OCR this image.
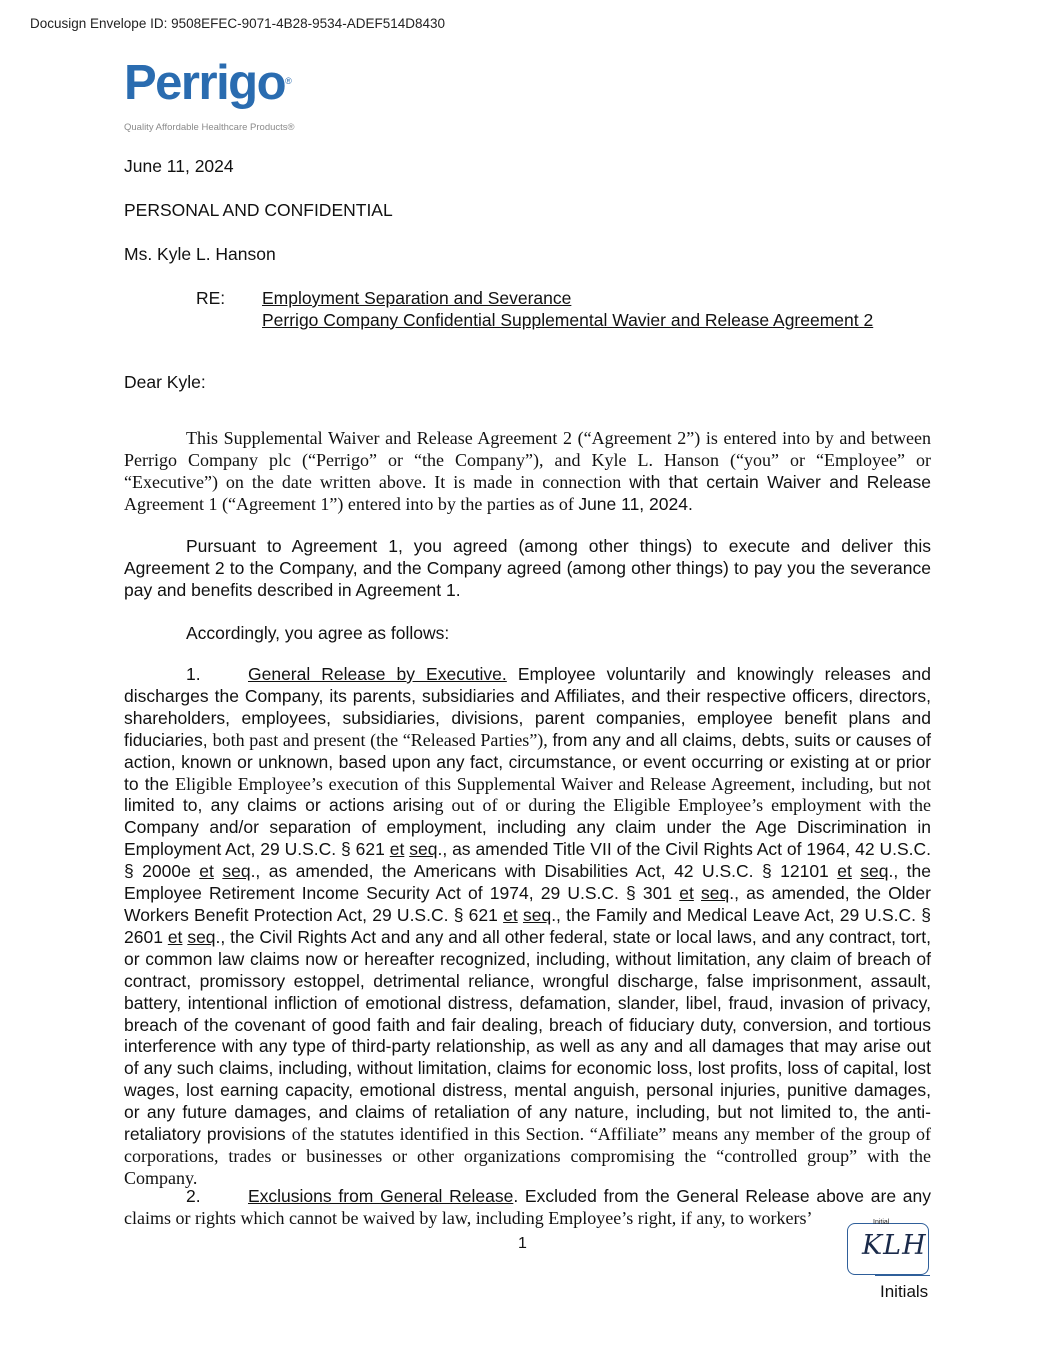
Docusign Envelope ID: 9508EFEC-9071-4B28-9534-ADEF514D8430
Perrigo®
Quality Affordable Healthcare Products®
June 11, 2024
PERSONAL AND CONFIDENTIAL
Ms. Kyle L. Hanson
RE: Employment Separation and Severance
Perrigo Company Confidential Supplemental Wavier and Release Agreement 2
Dear Kyle:
This Supplemental Waiver and Release Agreement 2 (“Agreement 2”) is entered into by and between Perrigo Company plc (“Perrigo” or “the Company”), and Kyle L. Hanson (“you” or “Employee” or “Executive”) on the date written above. It is made in connection with that certain Waiver and Release Agreement 1 (“Agreement 1”) entered into by the parties as of June 11, 2024.
Pursuant to Agreement 1, you agreed (among other things) to execute and deliver this Agreement 2 to the Company, and the Company agreed (among other things) to pay you the severance pay and benefits described in Agreement 1.
Accordingly, you agree as follows:
1.	General Release by Executive. Employee voluntarily and knowingly releases and discharges the Company, its parents, subsidiaries and Affiliates, and their respective officers, directors, shareholders, employees, subsidiaries, divisions, parent companies, employee benefit plans and fiduciaries, both past and present (the “Released Parties”), from any and all claims, debts, suits or causes of action, known or unknown, based upon any fact, circumstance, or event occurring or existing at or prior to the Eligible Employee’s execution of this Supplemental Waiver and Release Agreement, including, but not limited to, any claims or actions arising out of or during the Eligible Employee’s employment with the Company and/or separation of employment, including any claim under the Age Discrimination in Employment Act, 29 U.S.C. § 621 et seq., as amended Title VII of the Civil Rights Act of 1964, 42 U.S.C. § 2000e et seq., as amended, the Americans with Disabilities Act, 42 U.S.C. § 12101 et seq., the Employee Retirement Income Security Act of 1974, 29 U.S.C. § 301 et seq., as amended, the Older Workers Benefit Protection Act, 29 U.S.C. § 621 et seq., the Family and Medical Leave Act, 29 U.S.C. § 2601 et seq., the Civil Rights Act and any and all other federal, state or local laws, and any contract, tort, or common law claims now or hereafter recognized, including, without limitation, any claim of breach of contract, promissory estoppel, detrimental reliance, wrongful discharge, false imprisonment, assault, battery, intentional infliction of emotional distress, defamation, slander, libel, fraud, invasion of privacy, breach of the covenant of good faith and fair dealing, breach of fiduciary duty, conversion, and tortious interference with any type of third-party relationship, as well as any and all damages that may arise out of any such claims, including, without limitation, claims for economic loss, lost profits, loss of capital, lost wages, lost earning capacity, emotional distress, mental anguish, personal injuries, punitive damages, or any future damages, and claims of retaliation of any nature, including, but not limited to, the anti-retaliatory provisions of the statutes identified in this Section. “Affiliate” means any member of the group of corporations, trades or businesses or other organizations compromising the “controlled group” with the Company.
2.	Exclusions from General Release. Excluded from the General Release above are any claims or rights which cannot be waived by law, including Employee’s right, if any, to workers’
1
Initial
KLH
Initials
